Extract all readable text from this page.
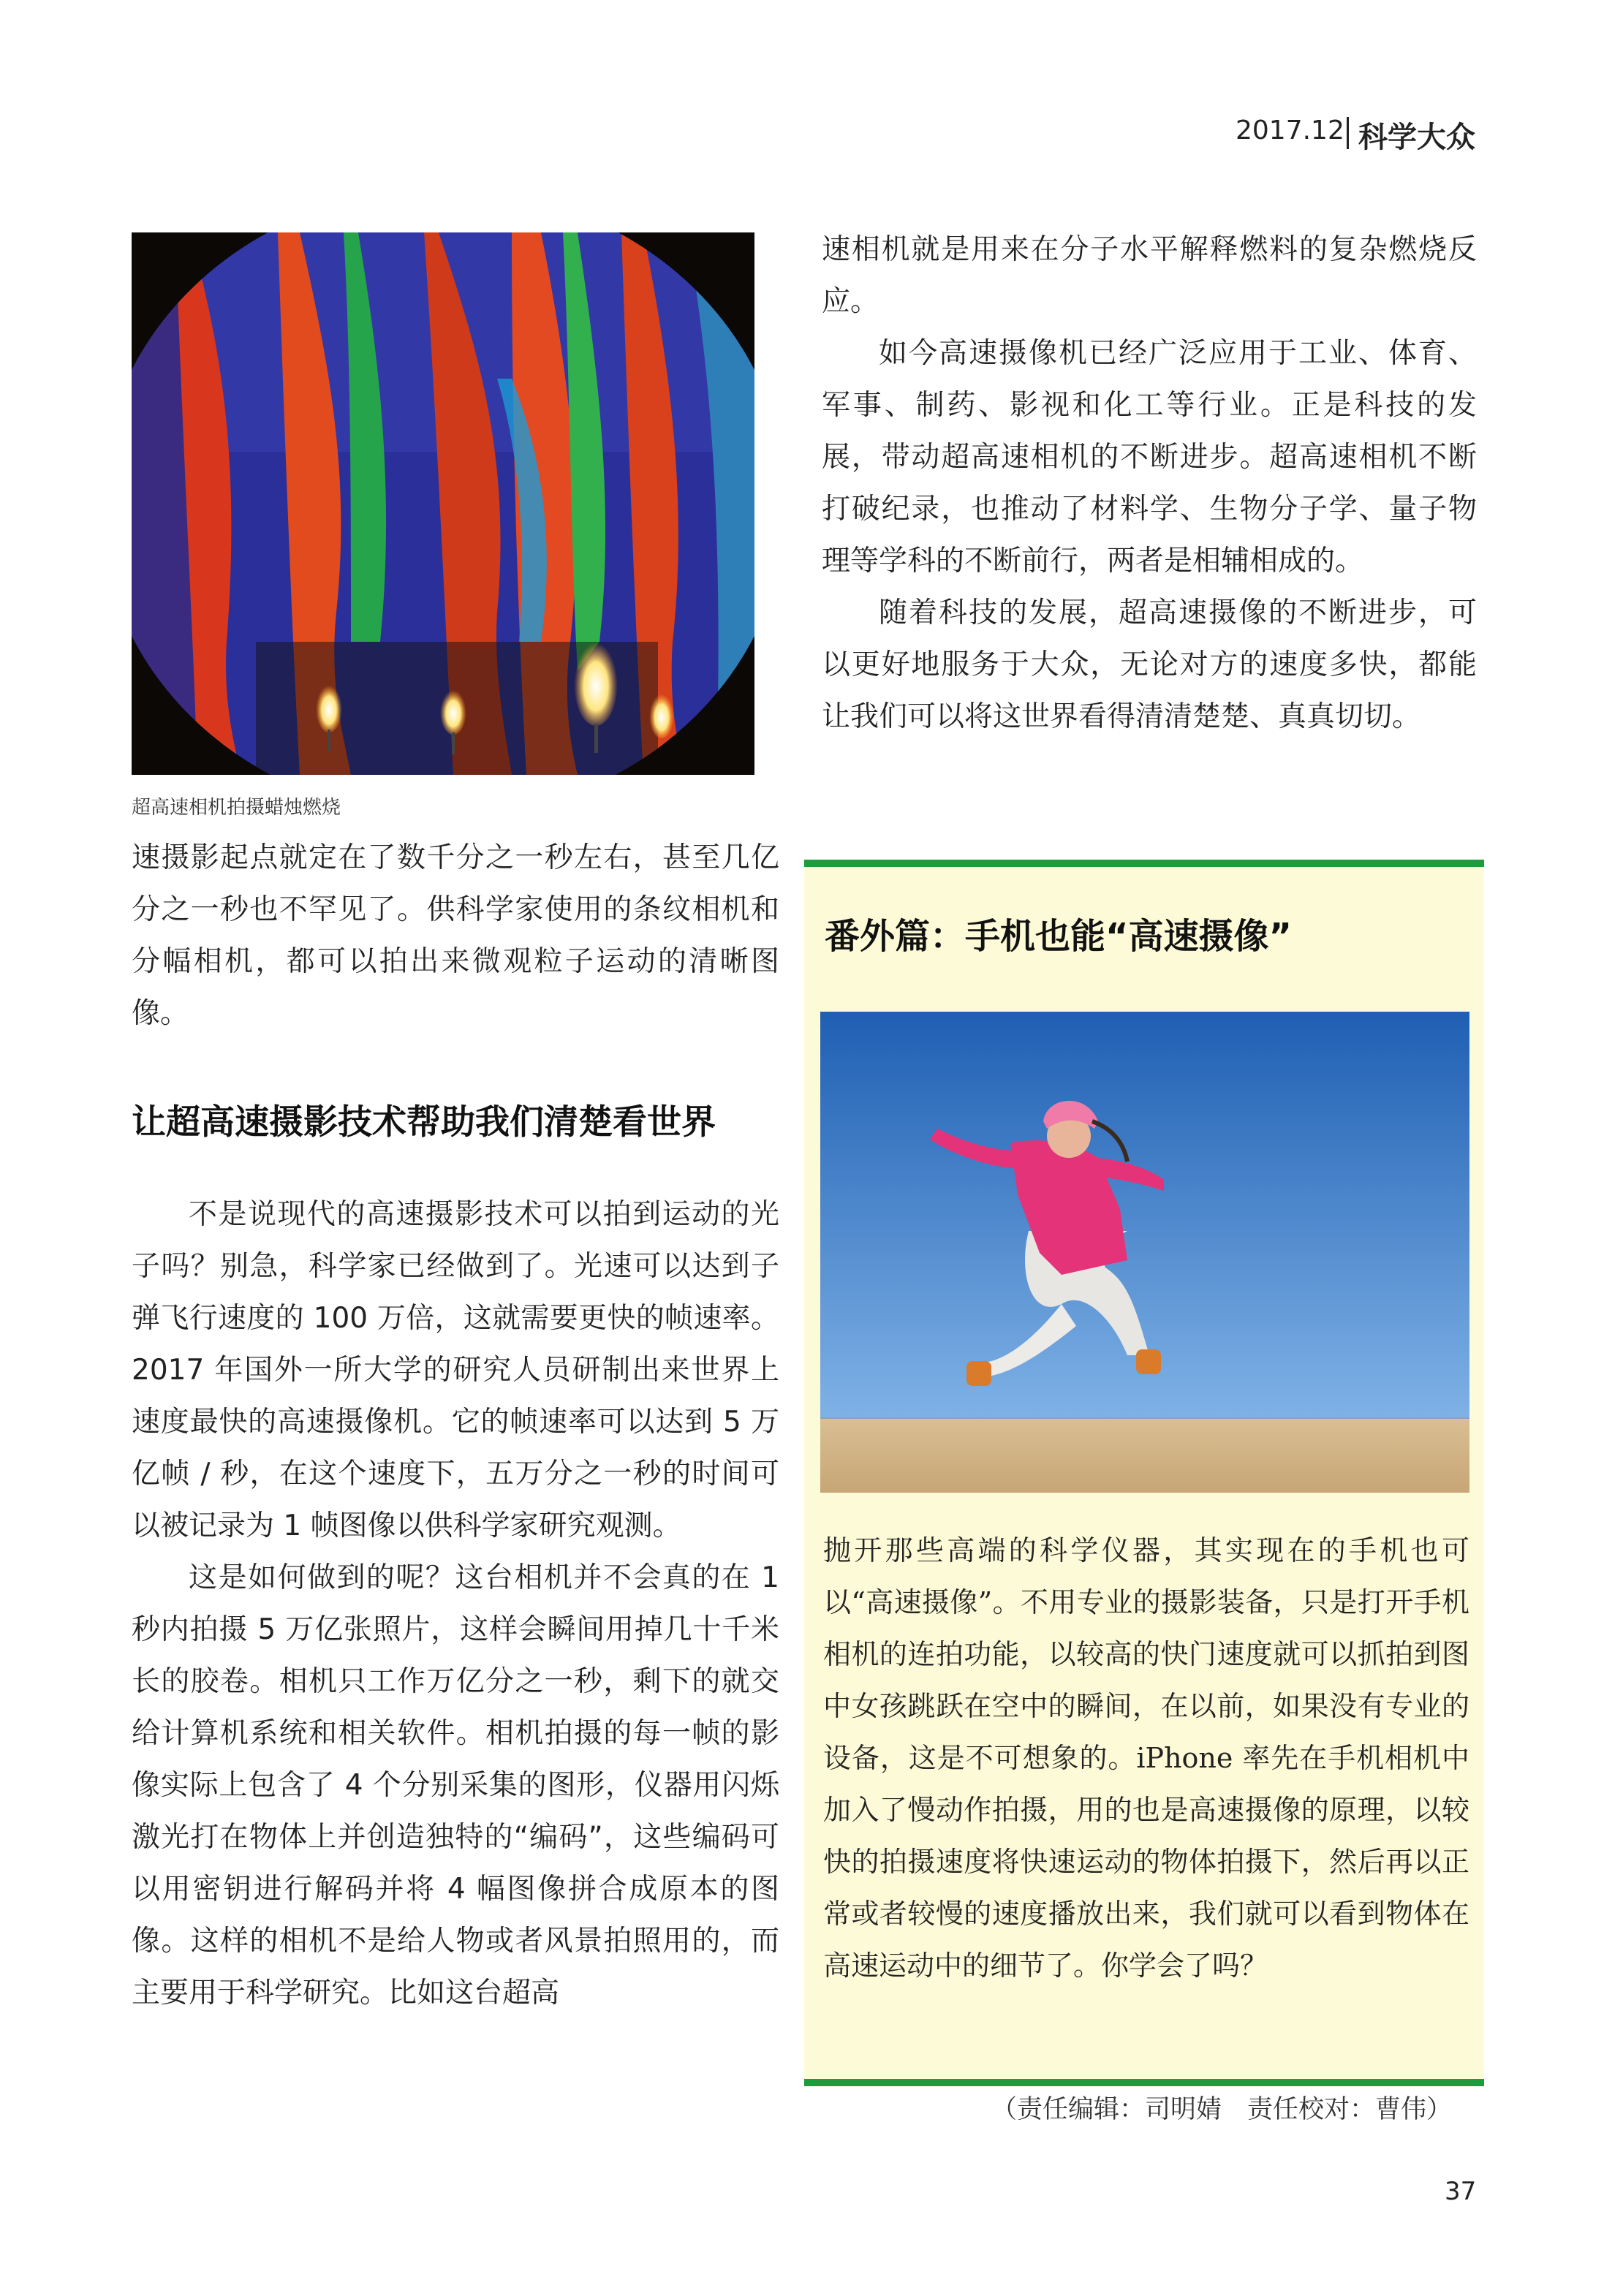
2017.12 科学大众
超高速相机拍摄蜡烛燃烧

速摄影起点就定在了数千分之一秒左右，甚至几亿分之一秒也不罕见了。供科学家使用的条纹相机和分幅相机，都可以拍出来微观粒子运动的清晰图像。

让超高速摄影技术帮助我们清楚看世界

不是说现代的高速摄影技术可以拍到运动的光子吗？别急，科学家已经做到了。光速可以达到子弹飞行速度的 100 万倍，这就需要更快的帧速率。2017 年国外一所大学的研究人员研制出来世界上速度最快的高速摄像机。它的帧速率可以达到 5 万亿帧 / 秒，在这个速度下，五万分之一秒的时间可以被记录为 1 帧图像以供科学家研究观测。

这是如何做到的呢？这台相机并不会真的在 1 秒内拍摄 5 万亿张照片，这样会瞬间用掉几十千米长的胶卷。相机只工作万亿分之一秒，剩下的就交给计算机系统和相关软件。相机拍摄的每一帧的影像实际上包含了 4 个分别采集的图形，仪器用闪烁激光打在物体上并创造独特的“编码”，这些编码可以用密钥进行解码并将 4 幅图像拼合成原本的图像。这样的相机不是给人物或者风景拍照用的，而主要用于科学研究。比如这台超高

速相机就是用来在分子水平解释燃料的复杂燃烧反应。

如今高速摄像机已经广泛应用于工业、体育、军事、制药、影视和化工等行业。正是科技的发展，带动超高速相机的不断进步。超高速相机不断打破纪录，也推动了材料学、生物分子学、量子物理等学科的不断前行，两者是相辅相成的。

随着科技的发展，超高速摄像的不断进步，可以更好地服务于大众，无论对方的速度多快，都能让我们可以将这世界看得清清楚楚、真真切切。

番外篇：手机也能“高速摄像”

抛开那些高端的科学仪器，其实现在的手机也可以“高速摄像”。不用专业的摄影装备，只是打开手机相机的连拍功能，以较高的快门速度就可以抓拍到图中女孩跳跃在空中的瞬间，在以前，如果没有专业的设备，这是不可想象的。iPhone 率先在手机相机中加入了慢动作拍摄，用的也是高速摄像的原理，以较快的拍摄速度将快速运动的物体拍摄下，然后再以正常或者较慢的速度播放出来，我们就可以看到物体在高速运动中的细节了。你学会了吗？

（责任编辑：司明婧　责任校对：曹伟）
37
